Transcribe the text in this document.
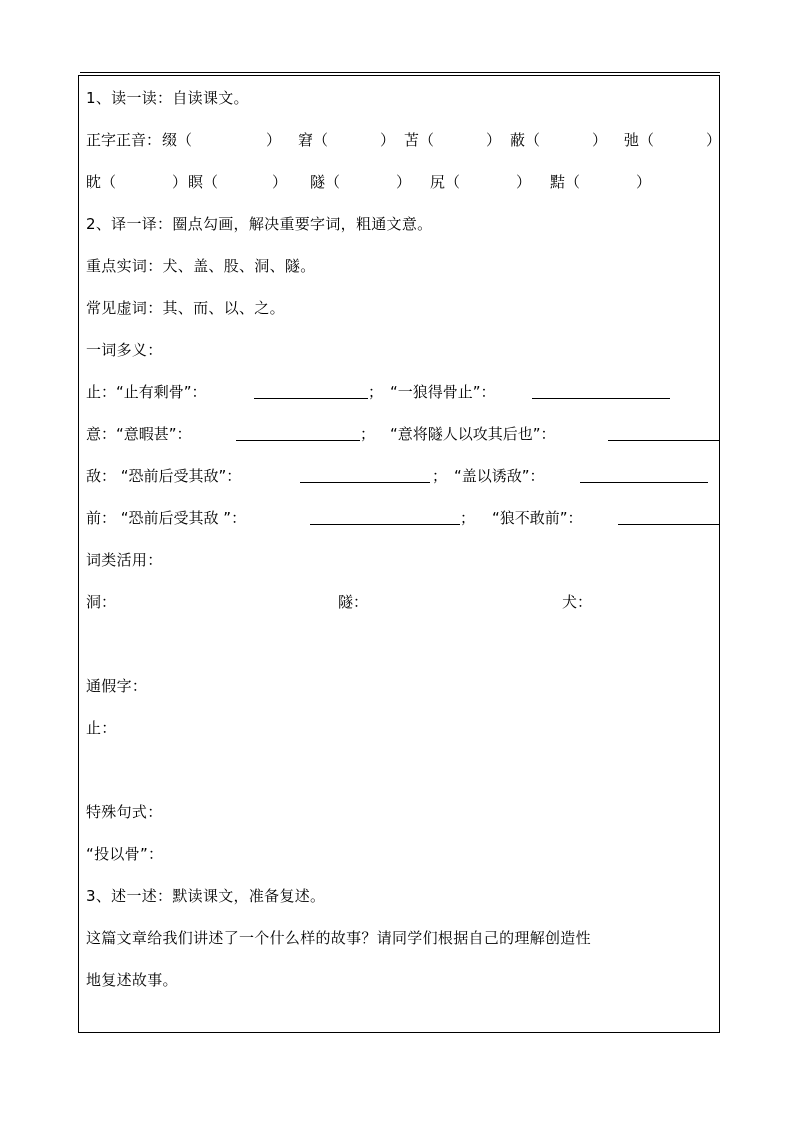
1、读一读：自读课文。
正字正音： 缀（	） 窘（	） 苫（	） 蔽（	） 弛（	）
眈（	） 瞑（	） 隧（	） 尻（	） 黠（	）
2、译一译：圈点勾画，解决重要字词，粗通文意。
重点实词：犬、盖、股、洞、隧。
常见虚词：其、而、以、之。
一词多义：
止：“止有剩骨”：	； “一狼得骨止”：
意：“意暇甚”：	； “意将隧人以攻其后也”：
敌： “恐前后受其敌”：	； “盖以诱敌”：
前： “恐前后受其敌 ”：	； “狼不敢前”：
词类活用：
洞：	隧：	犬：
通假字：
止：
特殊句式：
“投以骨”：
3、述一述：默读课文，准备复述。
这篇文章给我们讲述了一个什么样的故事？请同学们根据自己的理解创造性
地复述故事。
